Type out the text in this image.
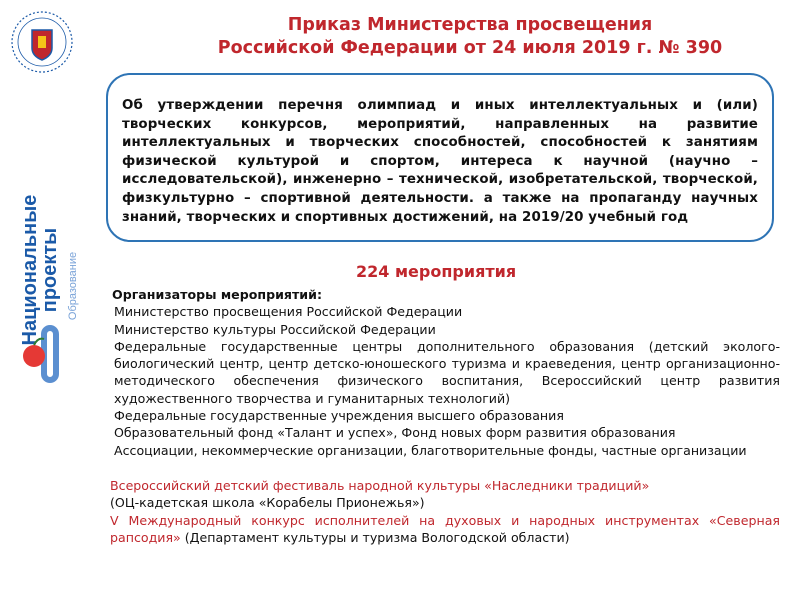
Национальные проекты Образование
Приказ Министерства просвещения
Российской Федерации от 24 июля 2019 г. № 390
Об утверждении перечня олимпиад и иных интеллектуальных и (или) творческих конкурсов, мероприятий, направленных на развитие интеллектуальных и творческих способностей, способностей к занятиям физической культурой и спортом, интереса к научной (научно – исследовательской), инженерно – технической, изобретательской, творческой, физкультурно – спортивной деятельности. а также на пропаганду научных знаний, творческих и спортивных достижений, на 2019/20 учебный год
224 мероприятия
Организаторы мероприятий:
Министерство просвещения Российской Федерации
Министерство культуры Российской Федерации
Федеральные государственные центры дополнительного образования (детский эколого-биологический центр, центр детско-юношеского туризма и краеведения, центр организационно-методического обеспечения физического воспитания, Всероссийский центр развития художественного творчества и гуманитарных технологий)
Федеральные государственные учреждения высшего образования
Образовательный фонд «Талант и успех», Фонд новых форм развития образования
Ассоциации, некоммерческие организации, благотворительные фонды, частные организации
Всероссийский детский фестиваль народной культуры «Наследники традиций»
(ОЦ-кадетская школа «Корабелы Прионежья»)
V Международный конкурс исполнителей на духовых и народных инструментах «Северная рапсодия» (Департамент культуры и туризма Вологодской области)
